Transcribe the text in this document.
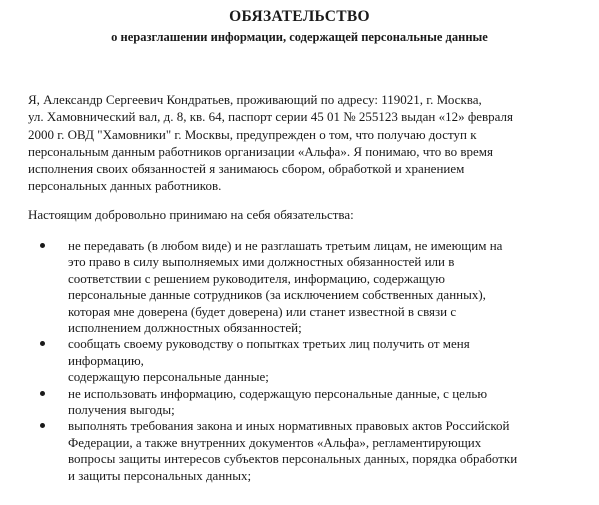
ОБЯЗАТЕЛЬСТВО
о неразглашении информации, содержащей персональные данные
Я, Александр Сергеевич Кондратьев, проживающий по адресу: 119021, г. Москва,
ул. Хамовнический вал, д. 8, кв. 64, паспорт серии 45 01 № 255123 выдан «12» февраля
2000 г. ОВД "Хамовники" г. Москвы, предупрежден о том, что получаю доступ к
персональным данным работников организации «Альфа». Я понимаю, что во время
исполнения своих обязанностей я занимаюсь сбором, обработкой и хранением
персональных данных работников.
Настоящим добровольно принимаю на себя обязательства:
не передавать (в любом виде) и не разглашать третьим лицам, не имеющим на
это право в силу выполняемых ими должностных обязанностей или в
соответствии с решением руководителя, информацию, содержащую
персональные данные сотрудников (за исключением собственных данных),
которая мне доверена (будет доверена) или станет известной в связи с
исполнением должностных обязанностей;
сообщать своему руководству о попытках третьих лиц получить от меня
информацию,
содержащую персональные данные;
не использовать информацию, содержащую персональные данные, с целью
получения выгоды;
выполнять требования закона и иных нормативных правовых актов Российской
Федерации, а также внутренних документов «Альфа», регламентирующих
вопросы защиты интересов субъектов персональных данных, порядка обработки
и защиты персональных данных;
